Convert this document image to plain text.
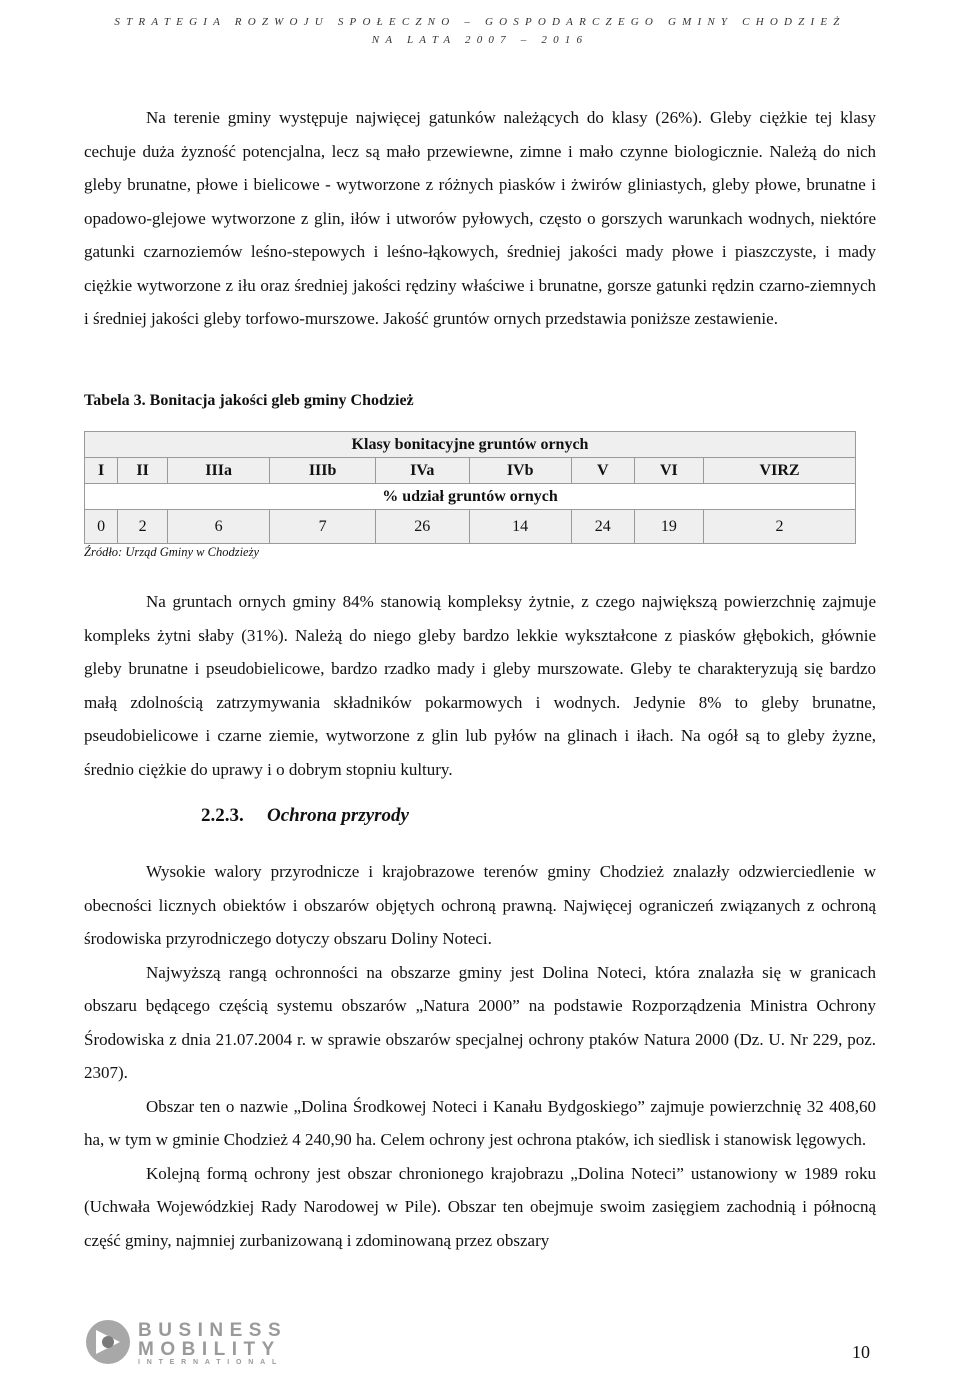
STRATEGIA ROZWOJU SPOŁECZNO – GOSPODARCZEGO GMINY CHODZIEŻ
NA LATA 2007 – 2016

Na terenie gminy występuje najwięcej gatunków należących do klasy (26%). Gleby ciężkie tej klasy cechuje duża żyzność potencjalna, lecz są mało przewiewne, zimne i mało czynne biologicznie. Należą do nich gleby brunatne, płowe i bielicowe - wytworzone z różnych piasków i żwirów gliniastych, gleby płowe, brunatne i opadowo-glejowe wytworzone z glin, iłów i utworów pyłowych, często o gorszych warunkach wodnych, niektóre gatunki czarnoziemów leśno-stepowych i leśno-łąkowych, średniej jakości mady płowe i piaszczyste, i mady ciężkie wytworzone z iłu oraz średniej jakości rędziny właściwe i brunatne, gorsze gatunki rędzin czarno-ziemnych i średniej jakości gleby torfowo-murszowe. Jakość gruntów ornych przedstawia poniższe zestawienie.

Tabela 3. Bonitacja jakości gleb gminy Chodzież
Klasy bonitacyjne gruntów ornych								
I	II	IIIa	IIIb	IVa	IVb	V	VI	VIRZ
% udział gruntów ornych								
0	2	6	7	26	14	24	19	2
Źródło: Urząd Gminy w Chodzieży

Na gruntach ornych gminy 84% stanowią kompleksy żytnie, z czego największą powierzchnię zajmuje kompleks żytni słaby (31%). Należą do niego gleby bardzo lekkie wykształcone z piasków głębokich, głównie gleby brunatne i pseudobielicowe, bardzo rzadko mady i gleby murszowate. Gleby te charakteryzują się bardzo małą zdolnością zatrzymywania składników pokarmowych i wodnych. Jedynie 8% to gleby brunatne, pseudobielicowe i czarne ziemie, wytworzone z glin lub pyłów na glinach i iłach. Na ogół są to gleby żyzne, średnio ciężkie do uprawy i o dobrym stopniu kultury.

2.2.3. Ochrona przyrody

Wysokie walory przyrodnicze i krajobrazowe terenów gminy Chodzież znalazły odzwierciedlenie w obecności licznych obiektów i obszarów objętych ochroną prawną. Najwięcej ograniczeń związanych z ochroną środowiska przyrodniczego dotyczy obszaru Doliny Noteci.

Najwyższą rangą ochronności na obszarze gminy jest Dolina Noteci, która znalazła się w granicach obszaru będącego częścią systemu obszarów „Natura 2000” na podstawie Rozporządzenia Ministra Ochrony Środowiska z dnia 21.07.2004 r. w sprawie obszarów specjalnej ochrony ptaków Natura 2000 (Dz. U. Nr 229, poz. 2307).

Obszar ten o nazwie „Dolina Środkowej Noteci i Kanału Bydgoskiego” zajmuje powierzchnię 32 408,60 ha, w tym w gminie Chodzież 4 240,90 ha. Celem ochrony jest ochrona ptaków, ich siedlisk i stanowisk lęgowych.

Kolejną formą ochrony jest obszar chronionego krajobrazu „Dolina Noteci” ustanowiony w 1989 roku (Uchwała Wojewódzkiej Rady Narodowej w Pile). Obszar ten obejmuje swoim zasięgiem zachodnią i północną część gminy, najmniej zurbanizowaną i zdominowaną przez obszary

BUSINESS
MOBILITY
INTERNATIONAL
10
